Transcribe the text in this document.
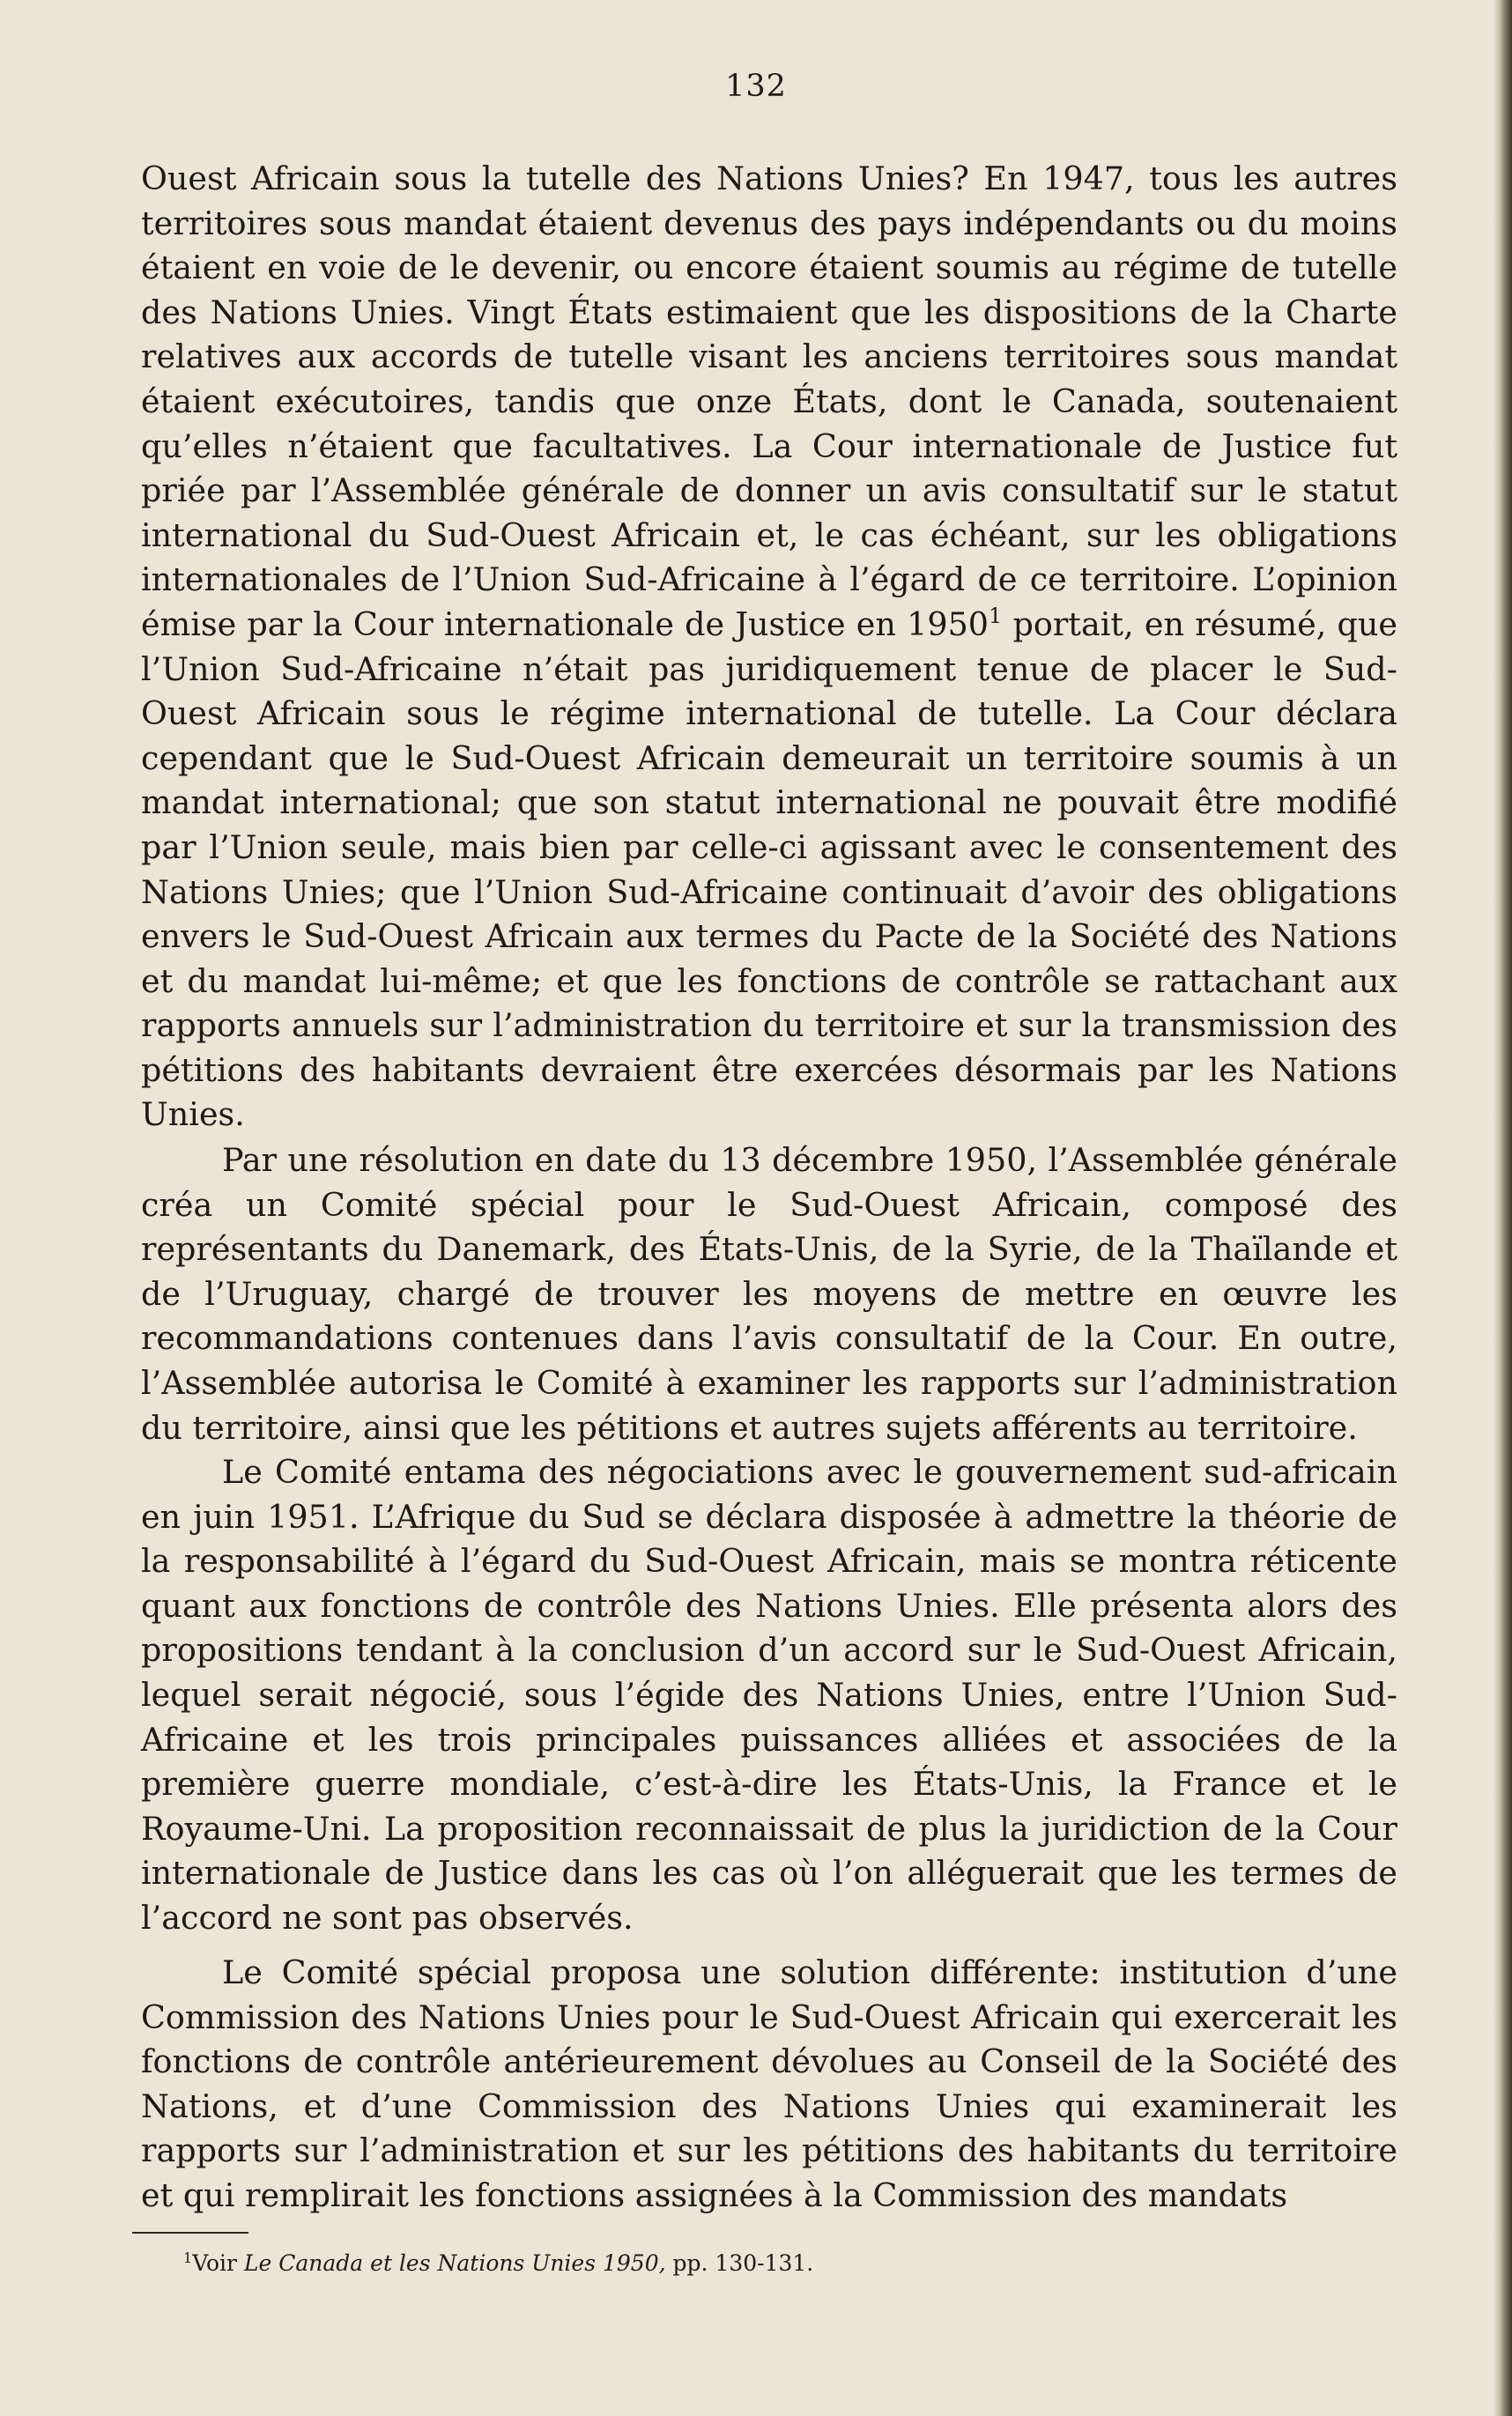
132

Ouest Africain sous la tutelle des Nations Unies? En 1947, tous les autres territoires sous mandat étaient devenus des pays indépendants ou du moins étaient en voie de le devenir, ou encore étaient soumis au régime de tutelle des Nations Unies. Vingt États estimaient que les dispositions de la Charte relatives aux accords de tutelle visant les anciens territoires sous mandat étaient exécutoires, tandis que onze États, dont le Canada, soutenaient qu’elles n’étaient que facultatives. La Cour internationale de Justice fut priée par l’Assemblée générale de donner un avis consultatif sur le statut international du Sud-Ouest Africain et, le cas échéant, sur les obligations internationales de l’Union Sud-Africaine à l’égard de ce territoire. L’opinion émise par la Cour internationale de Justice en 1950$^1$ portait, en résumé, que l’Union Sud-Africaine n’était pas juridiquement tenue de placer le Sud-Ouest Africain sous le régime international de tutelle. La Cour déclara cependant que le Sud-Ouest Africain demeurait un territoire soumis à un mandat international; que son statut international ne pouvait être modifié par l’Union seule, mais bien par celle-ci agissant avec le consentement des Nations Unies; que l’Union Sud-Africaine continuait d’avoir des obligations envers le Sud-Ouest Africain aux termes du Pacte de la Société des Nations et du mandat lui-même; et que les fonctions de contrôle se rattachant aux rapports annuels sur l’administration du territoire et sur la transmission des pétitions des habitants devraient être exercées désormais par les Nations Unies.

Par une résolution en date du 13 décembre 1950, l’Assemblée générale créa un Comité spécial pour le Sud-Ouest Africain, composé des représentants du Danemark, des États-Unis, de la Syrie, de la Thaïlande et de l’Uruguay, chargé de trouver les moyens de mettre en œuvre les recommandations contenues dans l’avis consultatif de la Cour. En outre, l’Assemblée autorisa le Comité à examiner les rapports sur l’administration du territoire, ainsi que les pétitions et autres sujets afférents au territoire.

Le Comité entama des négociations avec le gouvernement sud-africain en juin 1951. L’Afrique du Sud se déclara disposée à admettre la théorie de la responsabilité à l’égard du Sud-Ouest Africain, mais se montra réticente quant aux fonctions de contrôle des Nations Unies. Elle présenta alors des propositions tendant à la conclusion d’un accord sur le Sud-Ouest Africain, lequel serait négocié, sous l’égide des Nations Unies, entre l’Union Sud-Africaine et les trois principales puissances alliées et associées de la première guerre mondiale, c’est-à-dire les États-Unis, la France et le Royaume-Uni. La proposition reconnaissait de plus la juridiction de la Cour internationale de Justice dans les cas où l’on alléguerait que les termes de l’accord ne sont pas observés.

Le Comité spécial proposa une solution différente: institution d’une Commission des Nations Unies pour le Sud-Ouest Africain qui exercerait les fonctions de contrôle antérieurement dévolues au Conseil de la Société des Nations, et d’une Commission des Nations Unies qui examinerait les rapports sur l’administration et sur les pétitions des habitants du territoire et qui remplirait les fonctions assignées à la Commission des mandats

$^1$Voir Le Canada et les Nations Unies 1950, pp. 130-131.
